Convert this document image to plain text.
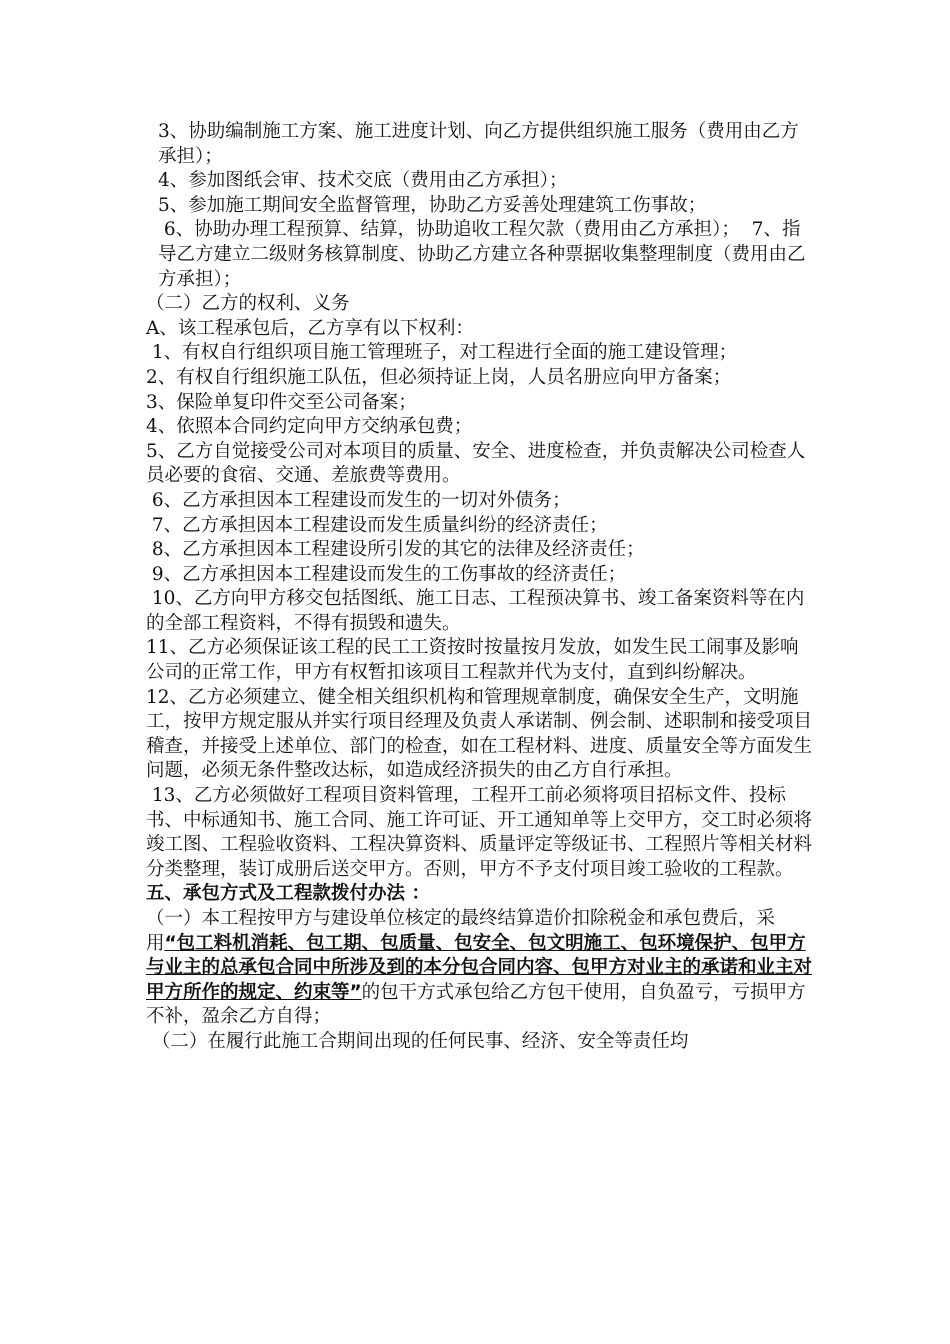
3、协助编制施工方案、施工进度计划、向乙方提供组织施工服务（费用由乙方承担）；

4、参加图纸会审、技术交底（费用由乙方承担）；

5、参加施工期间安全监督管理，协助乙方妥善处理建筑工伤事故；

6、协助办理工程预算、结算，协助追收工程欠款（费用由乙方承担）；  7、指导乙方建立二级财务核算制度、协助乙方建立各种票据收集整理制度（费用由乙方承担）；

（二）乙方的权利、义务

A、该工程承包后，乙方享有以下权利：

1、有权自行组织项目施工管理班子，对工程进行全面的施工建设管理；

2、有权自行组织施工队伍，但必须持证上岗，人员名册应向甲方备案；

3、保险单复印件交至公司备案；

4、依照本合同约定向甲方交纳承包费；

5、乙方自觉接受公司对本项目的质量、安全、进度检查，并负责解决公司检查人员必要的食宿、交通、差旅费等费用。

6、乙方承担因本工程建设而发生的一切对外债务；

7、乙方承担因本工程建设而发生质量纠纷的经济责任；

8、乙方承担因本工程建设所引发的其它的法律及经济责任；

9、乙方承担因本工程建设而发生的工伤事故的经济责任；

10、乙方向甲方移交包括图纸、施工日志、工程预决算书、竣工备案资料等在内的全部工程资料，不得有损毁和遗失。

11、乙方必须保证该工程的民工工资按时按量按月发放，如发生民工闹事及影响公司的正常工作，甲方有权暂扣该项目工程款并代为支付，直到纠纷解决。

12、乙方必须建立、健全相关组织机构和管理规章制度，确保安全生产，文明施工，按甲方规定服从并实行项目经理及负责人承诺制、例会制、述职制和接受项目稽查，并接受上述单位、部门的检查，如在工程材料、进度、质量安全等方面发生问题，必须无条件整改达标，如造成经济损失的由乙方自行承担。

13、乙方必须做好工程项目资料管理，工程开工前必须将项目招标文件、投标书、中标通知书、施工合同、施工许可证、开工通知单等上交甲方，交工时必须将竣工图、工程验收资料、工程决算资料、质量评定等级证书、工程照片等相关材料分类整理，装订成册后送交甲方。否则，甲方不予支付项目竣工验收的工程款。

五、承包方式及工程款拨付办法 ：

（一）本工程按甲方与建设单位核定的最终结算造价扣除税金和承包费后，采用“包工料机消耗、包工期、包质量、包安全、包文明施工、包环境保护、包甲方与业主的总承包合同中所涉及到的本分包合同内容、包甲方对业主的承诺和业主对甲方所作的规定、约束等”的包干方式承包给乙方包干使用，自负盈亏，亏损甲方不补，盈余乙方自得；

（二）在履行此施工合期间出现的任何民事、经济、安全等责任均
